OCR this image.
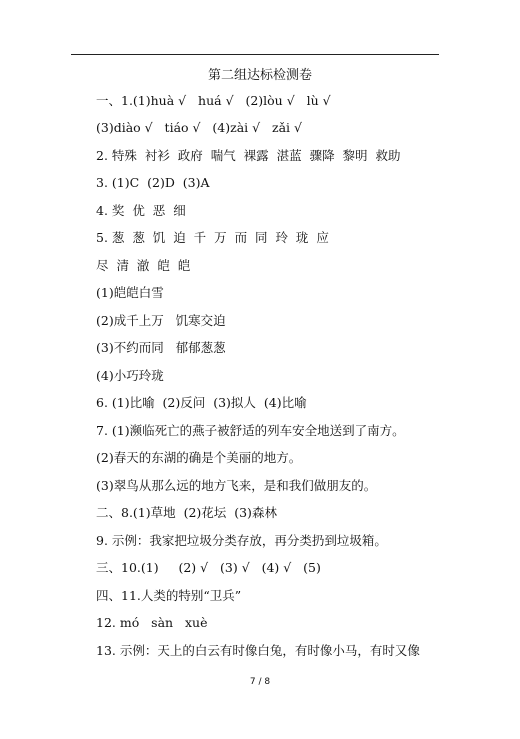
第二组达标检测卷
一、1.(1)huà √   huá √   (2)lòu √   lù √
(3)diào √   tiáo √   (4)zài √   zǎi √
2. 特殊  衬衫  政府  喘气  裸露  湛蓝  骤降  黎明  救助
3. (1)C  (2)D  (3)A
4. 奖  优  恶  细
5. 葱  葱  饥  迫  千  万  而  同  玲  珑  应
尽  清  澈  皑  皑
(1)皑皑白雪
(2)成千上万   饥寒交迫
(3)不约而同   郁郁葱葱
(4)小巧玲珑
6. (1)比喻  (2)反问  (3)拟人  (4)比喻
7. (1)濒临死亡的燕子被舒适的列车安全地送到了南方。
(2)春天的东湖的确是个美丽的地方。
(3)翠鸟从那么远的地方飞来，是和我们做朋友的。
二、8.(1)草地  (2)花坛  (3)森林
9. 示例：我家把垃圾分类存放，再分类扔到垃圾箱。
三、10.(1)     (2) √   (3) √   (4) √   (5)
四、11.人类的特别“卫兵”
12. mó   sàn   xuè
13. 示例：天上的白云有时像白兔，有时像小马，有时又像
7 / 8
